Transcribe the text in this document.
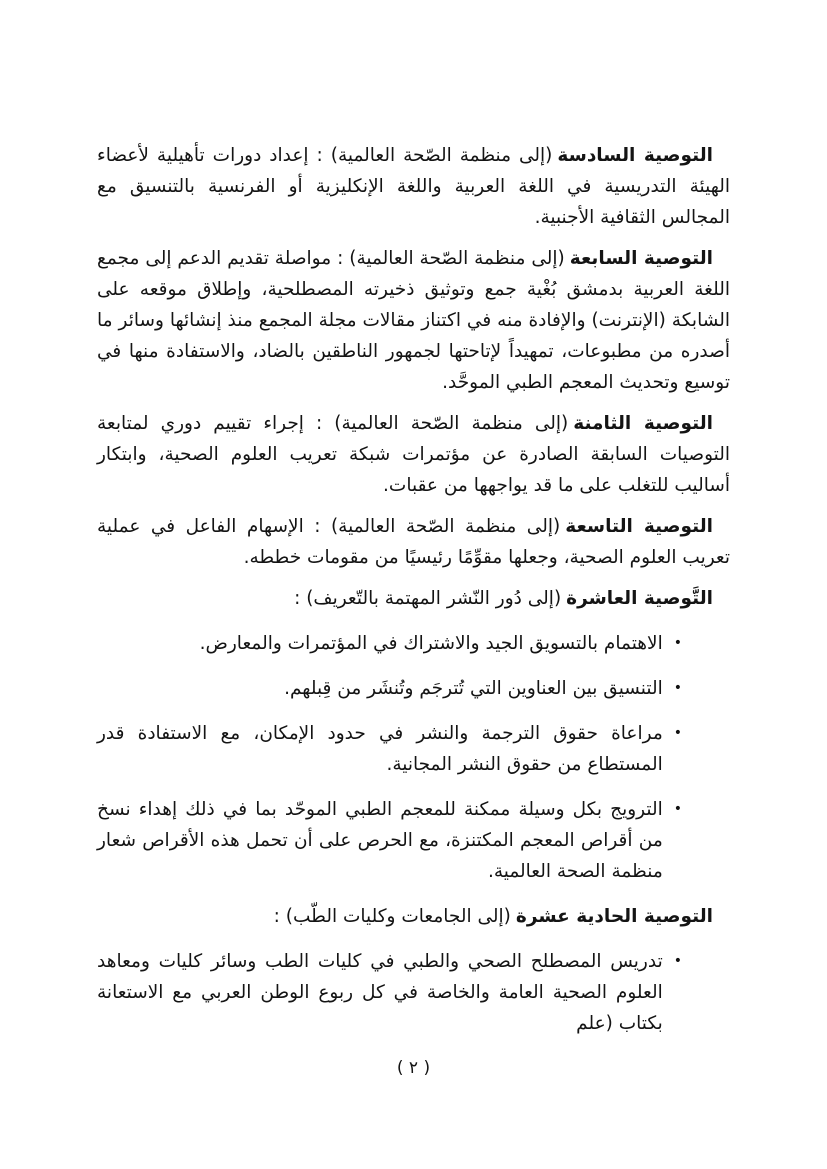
التوصية السادسة(إلى منظمة الصّحة العالمية) : إعداد دورات تأهيلية لأعضاء الهيئة التدريسية في اللغة العربية واللغة الإنكليزية أو الفرنسية بالتنسيق مع المجالس الثقافية الأجنبية.

التوصية السابعة(إلى منظمة الصّحة العالمية) : مواصلة تقديم الدعم إلى مجمع اللغة العربية بدمشق بُغْية جمع وتوثيق ذخيرته المصطلحية، وإطلاق موقعه على الشابكة (الإنترنت) والإفادة منه في اكتناز مقالات مجلة المجمع منذ إنشائها وسائر ما أصدره من مطبوعات، تمهيداً لإتاحتها لجمهور الناطقين بالضاد، والاستفادة منها في توسيع وتحديث المعجم الطبي الموحَّد.

التوصية الثامنة(إلى منظمة الصّحة العالمية) : إجراء تقييم دوري لمتابعة التوصيات السابقة الصادرة عن مؤتمرات شبكة تعريب العلوم الصحية، وابتكار أساليب للتغلب على ما قد يواجهها من عقبات.

التوصية التاسعة(إلى منظمة الصّحة العالمية) : الإسهام الفاعل في عملية تعريب العلوم الصحية، وجعلها مقوِّمًا رئيسيًا من مقومات خططه.

التَّوصية العاشرة(إلى دُور النّشر المهتمة بالتّعريف) :

•
الاهتمام بالتسويق الجيد والاشتراك في المؤتمرات والمعارض.
•
التنسيق بين العناوين التي تُترجَم وتُنشَر من قِبلهم.
•
مراعاة حقوق الترجمة والنشر في حدود الإمكان، مع الاستفادة قدر المستطاع من حقوق النشر المجانية.
•
الترويج بكل وسيلة ممكنة للمعجم الطبي الموحّد بما في ذلك إهداء نسخ من أقراص المعجم المكتنزة، مع الحرص على أن تحمل هذه الأقراص شعار منظمة الصحة العالمية.

التوصية الحادية عشرة(إلى الجامعات وكليات الطّب) :

•
تدريس المصطلح الصحي والطبي في كليات الطب وسائر كليات ومعاهد العلوم الصحية العامة والخاصة في كل ربوع الوطن العربي مع الاستعانة بكتاب (علم
( ٢ )
